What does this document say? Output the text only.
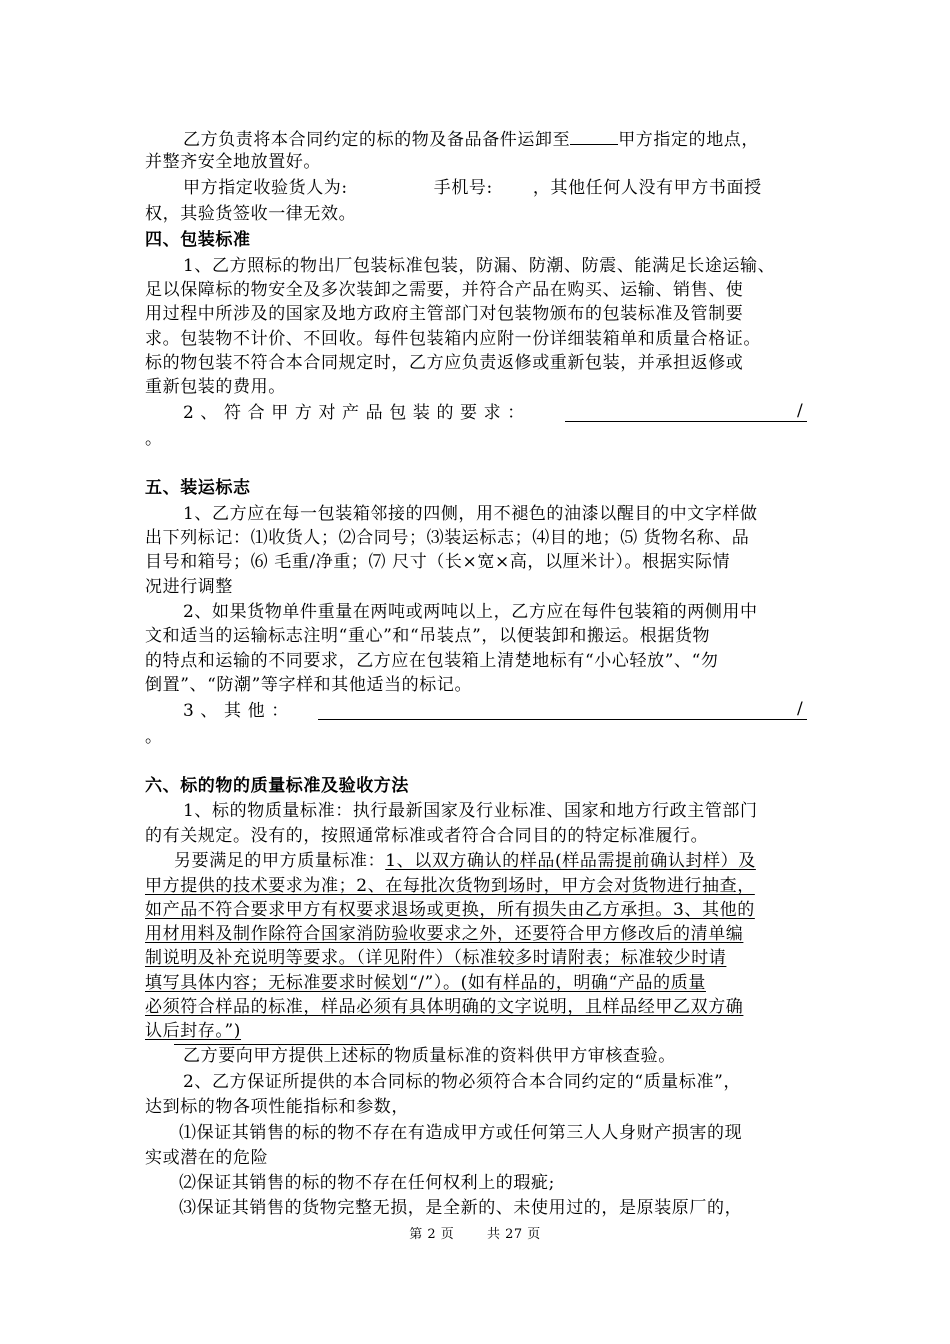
乙方负责将本合同约定的标的物及备品备件运卸至	甲方指定的地点，
并整齐安全地放置好。
甲方指定收验货人为:	手机号: ，其他任何人没有甲方书面授
权，其验货签收一律无效。
四、包装标准
1、乙方照标的物出厂包装标准包装，防漏、防潮、防震、能满足长途运输、
足以保障标的物安全及多次装卸之需要，并符合产品在购买、运输、销售、使
用过程中所涉及的国家及地方政府主管部门对包装物颁布的包装标准及管制要
求。包装物不计价、不回收。每件包装箱内应附一份详细装箱单和质量合格证。
标的物包装不符合本合同规定时，乙方应负责返修或重新包装，并承担返修或
重新包装的费用。
2 、 符 合 甲 方 对 产 品 包 装 的 要 求 ：	/
。
五、装运标志
1、乙方应在每一包装箱邻接的四侧，用不褪色的油漆以醒目的中文字样做
出下列标记：⑴收货人；⑵合同号；⑶装运标志；⑷目的地；⑸ 货物名称、品
目号和箱号；⑹ 毛重/净重；⑺ 尺寸（长×宽×高，以厘米计）。根据实际情
况进行调整
2、如果货物单件重量在两吨或两吨以上，乙方应在每件包装箱的两侧用中
文和适当的运输标志注明“重心”和“吊装点”，以便装卸和搬运。根据货物
的特点和运输的不同要求，乙方应在包装箱上清楚地标有“小心轻放”、“勿
倒置”、“防潮”等字样和其他适当的标记。
3 、 其 他 ：	/
。
六、标的物的质量标准及验收方法
1、标的物质量标准：执行最新国家及行业标准、国家和地方行政主管部门
的有关规定。没有的，按照通常标准或者符合合同目的的特定标准履行。
另要满足的甲方质量标准：1、以双方确认的样品(样品需提前确认封样）及
甲方提供的技术要求为准；2、在每批次货物到场时，甲方会对货物进行抽查，
如产品不符合要求甲方有权要求退场或更换，所有损失由乙方承担。3、其他的
用材用料及制作除符合国家消防验收要求之外，还要符合甲方修改后的清单编
制说明及补充说明等要求。（详见附件）（标准较多时请附表；标准较少时请
填写具体内容；无标准要求时候划“/”）。(如有样品的，明确“产品的质量
必须符合样品的标准，样品必须有具体明确的文字说明，且样品经甲乙双方确
认后封存。”)
乙方要向甲方提供上述标的物质量标准的资料供甲方审核查验。
2、乙方保证所提供的本合同标的物必须符合本合同约定的“质量标准”，
达到标的物各项性能指标和参数，
⑴保证其销售的标的物不存在有造成甲方或任何第三人人身财产损害的现
实或潜在的危险
⑵保证其销售的标的物不存在任何权利上的瑕疵;
⑶保证其销售的货物完整无损，是全新的、未使用过的，是原装原厂的，
第 2 页	共 27 页
